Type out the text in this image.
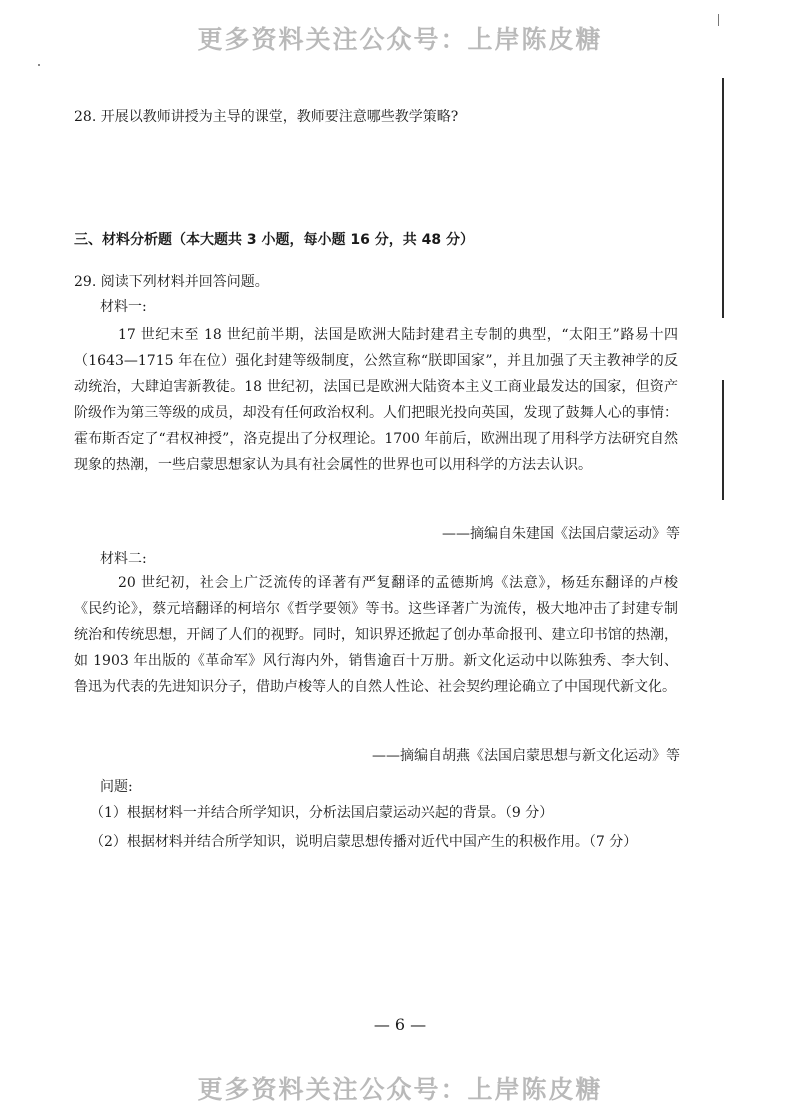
更多资料关注公众号：上岸陈皮糖
28. 开展以教师讲授为主导的课堂，教师要注意哪些教学策略?
三、材料分析题（本大题共 3 小题，每小题 16 分，共 48 分）
29. 阅读下列材料并回答问题。
材料一:

17 世纪末至 18 世纪前半期，法国是欧洲大陆封建君主专制的典型，“太阳王”路易十四（1643—1715 年在位）强化封建等级制度，公然宣称“朕即国家”，并且加强了天主教神学的反动统治，大肆迫害新教徒。18 世纪初，法国已是欧洲大陆资本主义工商业最发达的国家，但资产阶级作为第三等级的成员，却没有任何政治权利。人们把眼光投向英国，发现了鼓舞人心的事情：霍布斯否定了“君权神授”，洛克提出了分权理论。1700 年前后，欧洲出现了用科学方法研究自然现象的热潮，一些启蒙思想家认为具有社会属性的世界也可以用科学的方法去认识。

——摘编自朱建国《法国启蒙运动》等
材料二:

20 世纪初，社会上广泛流传的译著有严复翻译的孟德斯鸠《法意》，杨廷东翻译的卢梭《民约论》，蔡元培翻译的柯培尔《哲学要领》等书。这些译著广为流传，极大地冲击了封建专制统治和传统思想，开阔了人们的视野。同时，知识界还掀起了创办革命报刊、建立印书馆的热潮，如 1903 年出版的《革命军》风行海内外，销售逾百十万册。新文化运动中以陈独秀、李大钊、鲁迅为代表的先进知识分子，借助卢梭等人的自然人性论、社会契约理论确立了中国现代新文化。

——摘编自胡燕《法国启蒙思想与新文化运动》等
问题:
（1）根据材料一并结合所学知识，分析法国启蒙运动兴起的背景。（9 分）
（2）根据材料并结合所学知识，说明启蒙思想传播对近代中国产生的积极作用。（7 分）
— 6 —
更多资料关注公众号：上岸陈皮糖
